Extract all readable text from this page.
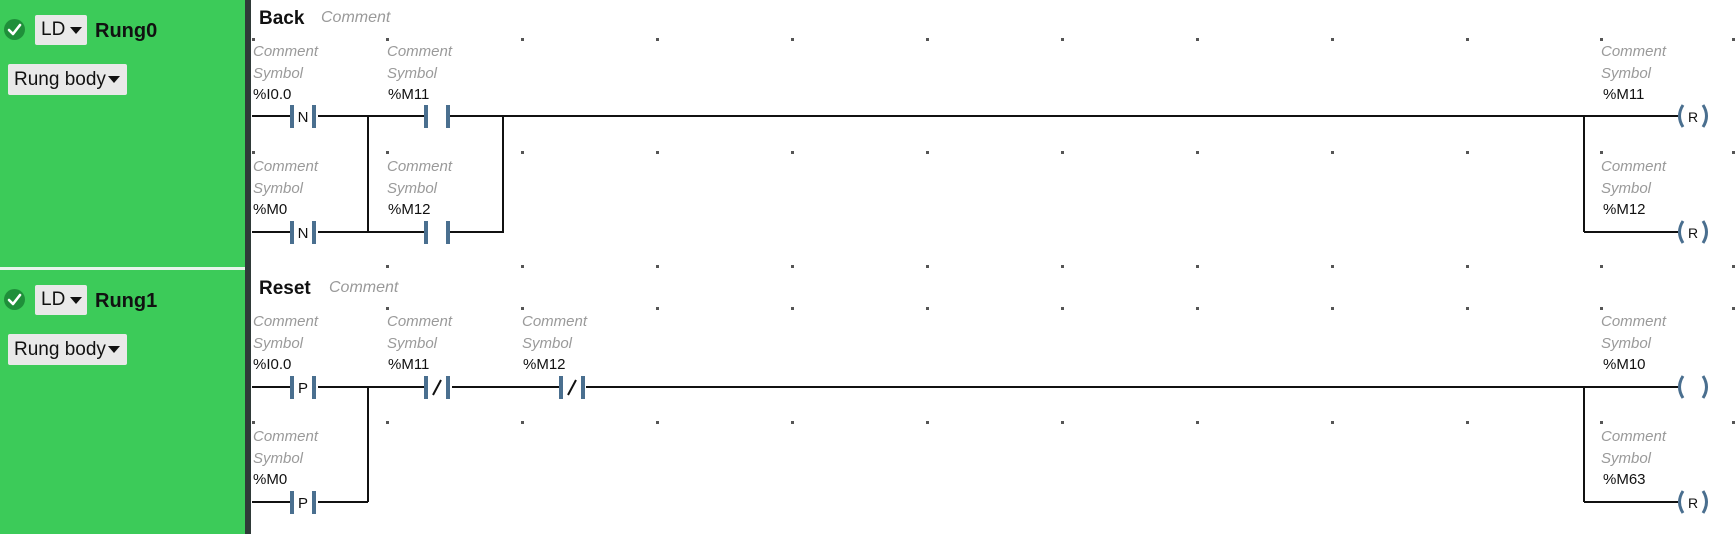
LD Rung0
Rung body
LD Rung1
Rung body
Back Comment
Reset Comment
N
N
R
R
P
P	R
Comment
Symbol
%I0.0
Comment
Symbol
%M11
Comment
Symbol
%M0
Comment
Symbol
%M12
Comment
Symbol
%M11
Comment
Symbol
%M12
Comment
Symbol
%I0.0
Comment
Symbol
%M11
Comment
Symbol
%M12
Comment
Symbol
%M0
Comment
Symbol
%M10
Comment
Symbol
%M63
